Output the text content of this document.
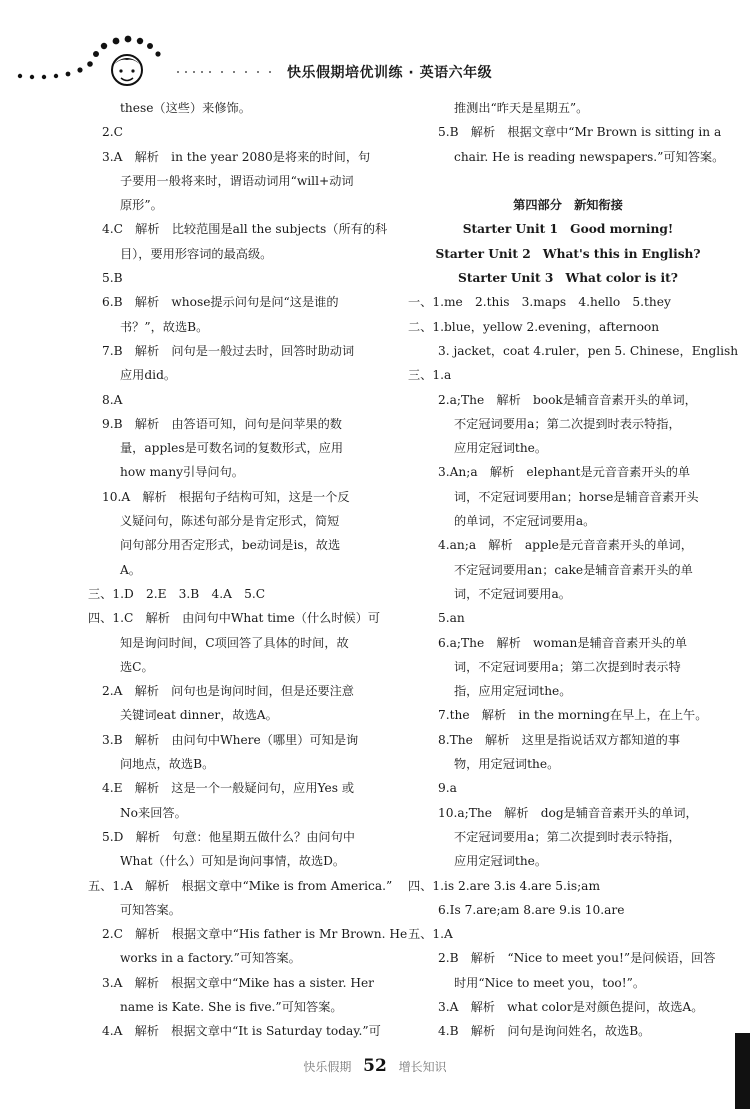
快乐假期培优训练 · 英语六年级
these（这些）来修饰。
2.C
3.A　解析　in the year 2080是将来的时间，句
子要用一般将来时，谓语动词用“will+动词
原形”。
4.C　解析　比较范围是all the subjects（所有的科
目），要用形容词的最高级。
5.B
6.B　解析　whose提示问句是问“这是谁的
书？”，故选B。
7.B　解析　问句是一般过去时，回答时助动词
应用did。
8.A
9.B　解析　由答语可知，问句是问苹果的数
量，apples是可数名词的复数形式，应用
how many引导问句。
10.A　解析　根据句子结构可知，这是一个反
义疑问句，陈述句部分是肯定形式，简短
问句部分用否定形式，be动词是is，故选
A。
三、1.D　2.E　3.B　4.A　5.C
四、1.C　解析　由问句中What time（什么时候）可
知是询问时间，C项回答了具体的时间，故
选C。
2.A　解析　问句也是询问时间，但是还要注意
关键词eat dinner，故选A。
3.B　解析　由问句中Where（哪里）可知是询
问地点，故选B。
4.E　解析　这是一个一般疑问句，应用Yes 或
No来回答。
5.D　解析　句意：他星期五做什么？由问句中
What（什么）可知是询问事情，故选D。
五、1.A　解析　根据文章中“Mike is from America.”
可知答案。
2.C　解析　根据文章中“His father is Mr Brown. He
works in a factory.”可知答案。
3.A　解析　根据文章中“Mike has a sister. Her
name is Kate. She is five.”可知答案。
4.A　解析　根据文章中“It is Saturday today.”可
推测出“昨天是星期五”。
5.B　解析　根据文章中“Mr Brown is sitting in a
chair. He is reading newspapers.”可知答案。
第四部分　新知衔接
Starter Unit 1　Good morning!
Starter Unit 2　What's this in English?
Starter Unit 3　What color is it?
一、1.me　2.this　3.maps　4.hello　5.they
二、1.blue，yellow 2.evening，afternoon
3. jacket，coat 4.ruler，pen 5. Chinese，English
三、1.a
2.a;The　解析　book是辅音音素开头的单词，
不定冠词要用a；第二次提到时表示特指，
应用定冠词the。
3.An;a　解析　elephant是元音音素开头的单
词，不定冠词要用an；horse是辅音音素开头
的单词，不定冠词要用a。
4.an;a　解析　apple是元音音素开头的单词，
不定冠词要用an；cake是辅音音素开头的单
词，不定冠词要用a。
5.an
6.a;The　解析　woman是辅音音素开头的单
词，不定冠词要用a；第二次提到时表示特
指，应用定冠词the。
7.the　解析　in the morning在早上，在上午。
8.The　解析　这里是指说话双方都知道的事
物，用定冠词the。
9.a
10.a;The　解析　dog是辅音音素开头的单词，
不定冠词要用a；第二次提到时表示特指，
应用定冠词the。
四、1.is 2.are 3.is 4.are 5.is;am
6.Is 7.are;am 8.are 9.is 10.are
五、1.A
2.B　解析　“Nice to meet you!”是问候语，回答
时用“Nice to meet you，too!”。
3.A　解析　what color是对颜色提问，故选A。
4.B　解析　问句是询问姓名，故选B。
快乐假期 52 增长知识
